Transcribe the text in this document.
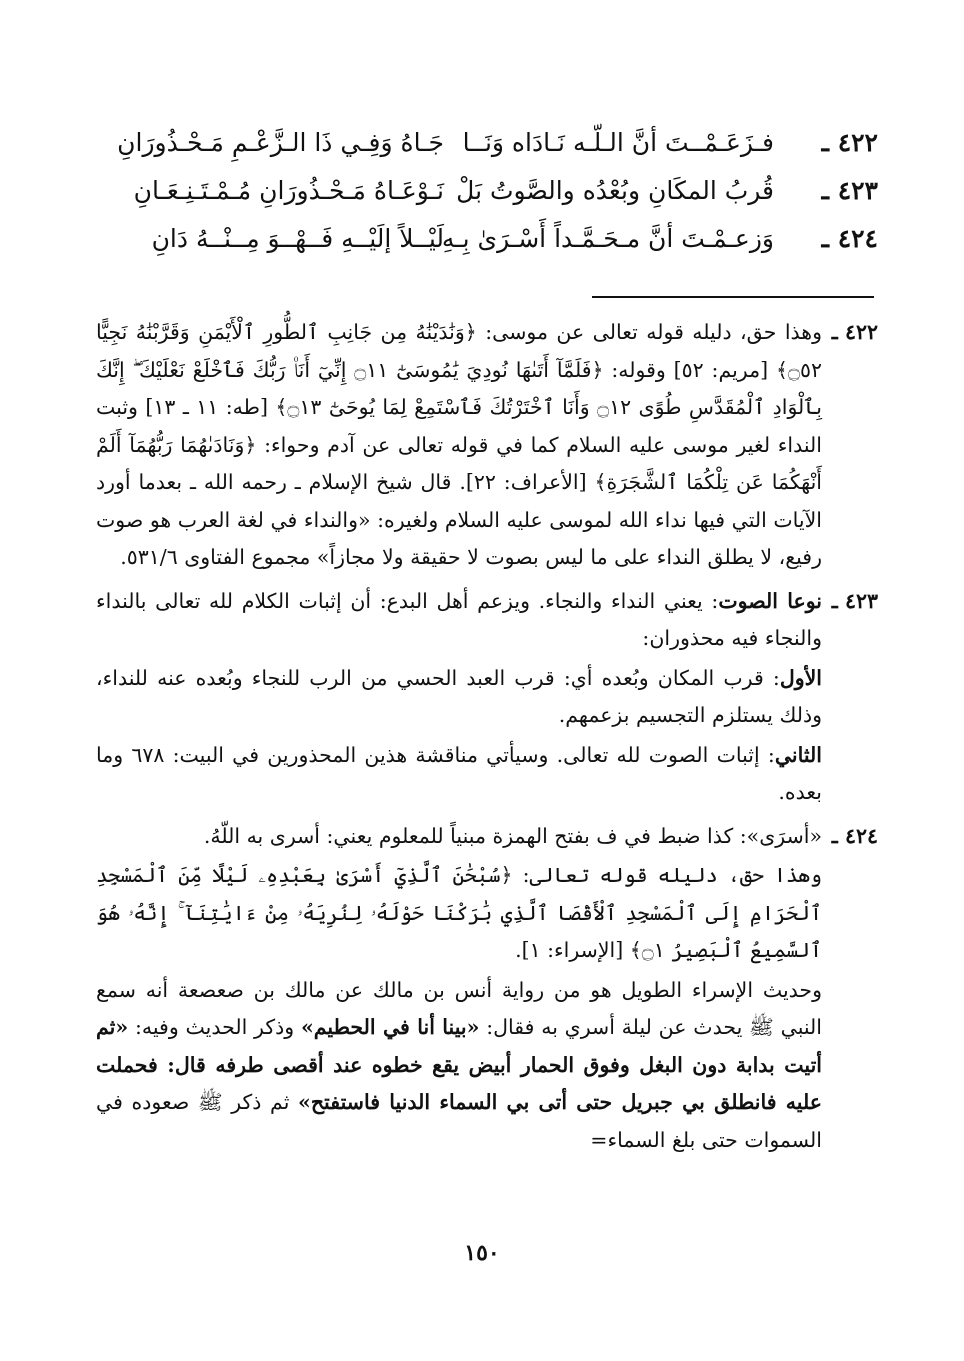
٤٢٢ ـ
فـزَعَـمْــتَ أنَّ الـلّـه نَـادَاه وَنَــا
جَـاهُ وَفِـي ذَا الـزَّعْـمِ مَـحْـذُورَانِ
٤٢٣ ـ
قُربُ المكَانِ وبُعْدُه والصَّوتُ بَلْ
نَـوْعَـاهُ مَـحْـذُورَانِ مُـمْـتَـنِـعَـانِ
٤٢٤ ـ
وَزعـمْـتَ أنَّ مـحَـمَّـداً أَسْـرَىٰ بِـهِ
لَيْــلاً إلَيْــهِ فَــهْــوَ مِــنْــهُ دَانِ
٤٢٢ ـ

وهذا حق، دليله قوله تعالى عن موسى: ﴿وَنَٰدَيْنَٰهُ مِن جَانِبِ ٱلطُّورِ ٱلْأَيْمَنِ وَقَرَّبْنَٰهُ نَجِيًّا ۝٥٢﴾ [مريم: ٥٢] وقوله: ﴿فَلَمَّآ أَتَىٰهَا نُودِيَ يَٰمُوسَىٰٓ ۝١١ إِنِّيٓ أَنَا۠ رَبُّكَ فَٱخْلَعْ نَعْلَيْكَ ۖ إِنَّكَ بِٱلْوَادِ ٱلْمُقَدَّسِ طُوًى ۝١٢ وَأَنَا ٱخْتَرْتُكَ فَٱسْتَمِعْ لِمَا يُوحَىٰٓ ۝١٣﴾ [طه: ١١ ـ ١٣] وثبت النداء لغير موسى عليه السلام كما في قوله تعالى عن آدم وحواء: ﴿وَنَادَىٰهُمَا رَبُّهُمَآ أَلَمْ أَنْهَكُمَا عَن تِلْكُمَا ٱلشَّجَرَةِ﴾ [الأعراف: ٢٢]. قال شيخ الإسلام ـ رحمه الله ـ بعدما أورد الآيات التي فيها نداء الله لموسى عليه السلام ولغيره: «والنداء في لغة العرب هو صوت رفيع، لا يطلق النداء على ما ليس بصوت لا حقيقة ولا مجازاً» مجموع الفتاوى ٥٣١/٦.

٤٢٣ ـ

نوعا الصوت: يعني النداء والنجاء. ويزعم أهل البدع: أن إثبات الكلام لله تعالى بالنداء والنجاء فيه محذوران:

الأول: قرب المكان وبُعده أي: قرب العبد الحسي من الرب للنجاء وبُعده عنه للنداء، وذلك يستلزم التجسيم بزعمهم.

الثاني: إثبات الصوت لله تعالى. وسيأتي مناقشة هذين المحذورين في البيت: ٦٧٨ وما بعده.

٤٢٤ ـ

«أسرَى»: كذا ضبط في ف بفتح الهمزة مبنياً للمعلوم يعني: أسرى به اللّهُ.

وهذا حق، دليله قوله تعالى: ﴿سُبْحَٰنَ ٱلَّذِيٓ أَسْرَىٰ بِعَبْدِهِۦ لَيْلًا مِّنَ ٱلْمَسْجِدِ ٱلْحَرَامِ إِلَى ٱلْمَسْجِدِ ٱلْأَقْصَا ٱلَّذِي بَٰرَكْنَا حَوْلَهُۥ لِنُرِيَهُۥ مِنْ ءَايَٰتِنَآ ۚ إِنَّهُۥ هُوَ ٱلسَّمِيعُ ٱلْبَصِيرُ ۝١﴾ [الإسراء: ١].

وحديث الإسراء الطويل هو من رواية أنس بن مالك عن مالك بن صعصعة أنه سمع النبي ﷺ يحدث عن ليلة أسري به فقال: «بينا أنا في الحطيم» وذكر الحديث وفيه: «ثم أتيت بدابة دون البغل وفوق الحمار أبيض يقع خطوه عند أقصى طرفه قال: فحملت عليه فانطلق بي جبريل حتى أتى بي السماء الدنيا فاستفتح» ثم ذكر ﷺ صعوده في السموات حتى بلغ السماء=

١٥٠
